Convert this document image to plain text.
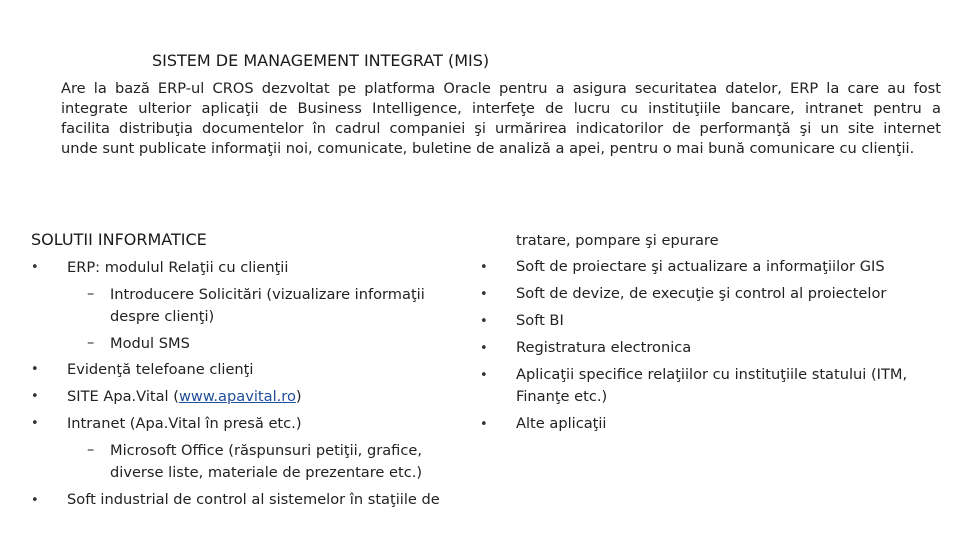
SISTEM DE MANAGEMENT INTEGRAT (MIS)
Are la bază ERP-ul CROS dezvoltat pe platforma Oracle pentru a asigura securitatea datelor, ERP la care au fost
integrate ulterior aplicaţii de Business Intelligence, interfeţe de lucru cu instituţiile bancare, intranet pentru a
facilita distribuţia documentelor în cadrul companiei şi urmărirea indicatorilor de performanţă şi un site internet
unde sunt publicate informaţii noi, comunicate, buletine de analiză a apei, pentru o mai bună comunicare cu clienţii.
SOLUTII INFORMATICE
• ERP: modulul Relaţii cu clienţii
– Introducere Solicitări (vizualizare informaţii
despre clienţi)
– Modul SMS
• Evidenţă telefoane clienţi
• SITE Apa.Vital (www.apavital.ro)
• Intranet (Apa.Vital în presă etc.)
– Microsoft Office (răspunsuri petiţii, grafice,
diverse liste, materiale de prezentare etc.)
• Soft industrial de control al sistemelor în staţiile de
tratare, pompare şi epurare
• Soft de proiectare şi actualizare a informaţiilor GIS
• Soft de devize, de execuţie şi control al proiectelor
• Soft BI
• Registratura electronica
• Aplicaţii specifice relaţiilor cu instituţiile statului (ITM,
Finanţe etc.)
• Alte aplicaţii
